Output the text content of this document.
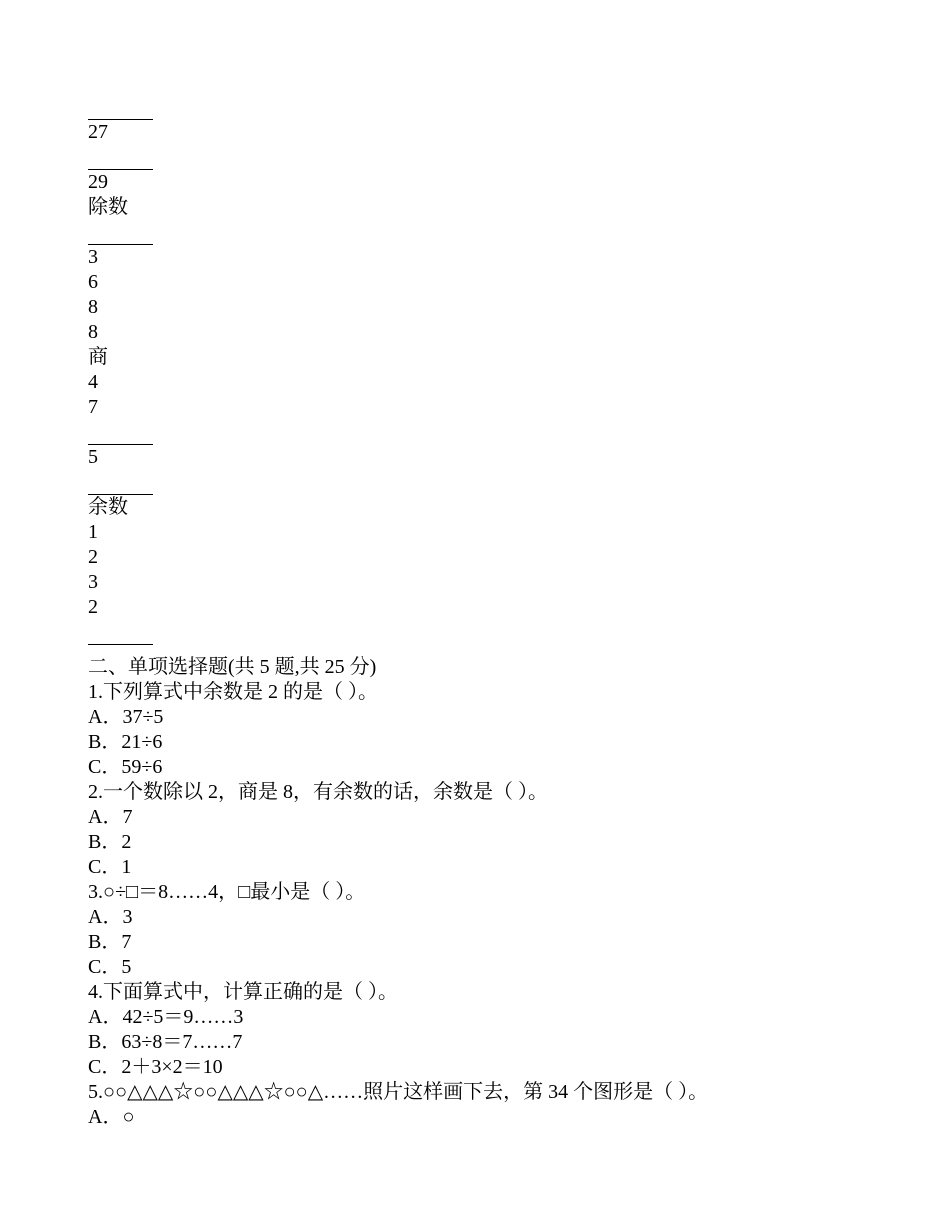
27
29
除数
3
6
8
8
商
4
7
5
余数
1
2
3
2
二、单项选择题(共 5 题,共 25 分)
1.下列算式中余数是 2 的是（ ）。
A．37÷5
B．21÷6
C．59÷6
2.一个数除以 2，商是 8，有余数的话，余数是（ ）。
A．7
B．2
C．1
3.○÷□＝8……4，□最小是（ ）。
A．3
B．7
C．5
4.下面算式中，计算正确的是（ ）。
A．42÷5＝9……3
B．63÷8＝7……7
C．2＋3×2＝10
5.○○△△△☆○○△△△☆○○△……照片这样画下去，第 34 个图形是（ ）。
A．○
